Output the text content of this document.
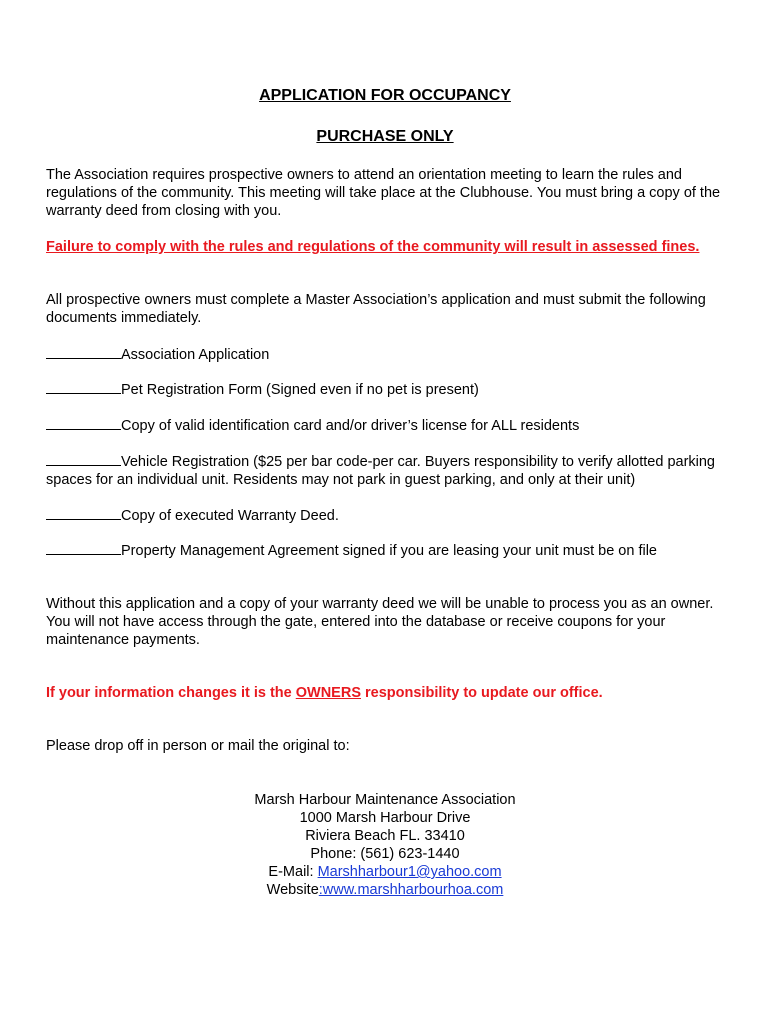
APPLICATION FOR OCCUPANCY
PURCHASE ONLY
The Association requires prospective owners to attend an orientation meeting to learn the rules and regulations of the community. This meeting will take place at the Clubhouse. You must bring a copy of the warranty deed from closing with you.
Failure to comply with the rules and regulations of the community will result in assessed fines.
All prospective owners must complete a Master Association’s application and must submit the following documents immediately.
Association Application
Pet Registration Form (Signed even if no pet is present)
Copy of valid identification card and/or driver’s license for ALL residents
Vehicle Registration ($25 per bar code-per car. Buyers responsibility to verify allotted parking spaces for an individual unit. Residents may not park in guest parking, and only at their unit)
Copy of executed Warranty Deed.
Property Management Agreement signed if you are leasing your unit must be on file
Without this application and a copy of your warranty deed we will be unable to process you as an owner. You will not have access through the gate, entered into the database or receive coupons for your maintenance payments.
If your information changes it is the OWNERS responsibility to update our office.
Please drop off in person or mail the original to:
Marsh Harbour Maintenance Association
1000 Marsh Harbour Drive
Riviera Beach FL. 33410
Phone: (561) 623-1440
E-Mail: Marshharbour1@yahoo.com
Website:www.marshharbourhoa.com
